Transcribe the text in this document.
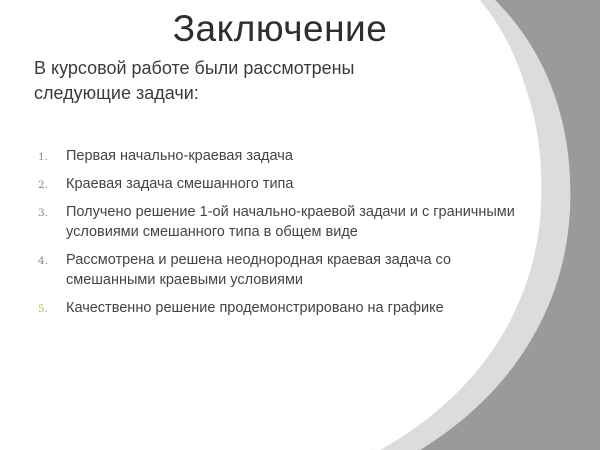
Заключение
В курсовой работе были рассмотрены следующие задачи:
1. Первая начально-краевая задача
2. Краевая задача смешанного типа
3. Получено решение 1-ой начально-краевой задачи и с граничными условиями смешанного типа в общем виде
4. Рассмотрена и решена неоднородная краевая задача со смешанными краевыми условиями
5. Качественно решение продемонстрировано на графике
